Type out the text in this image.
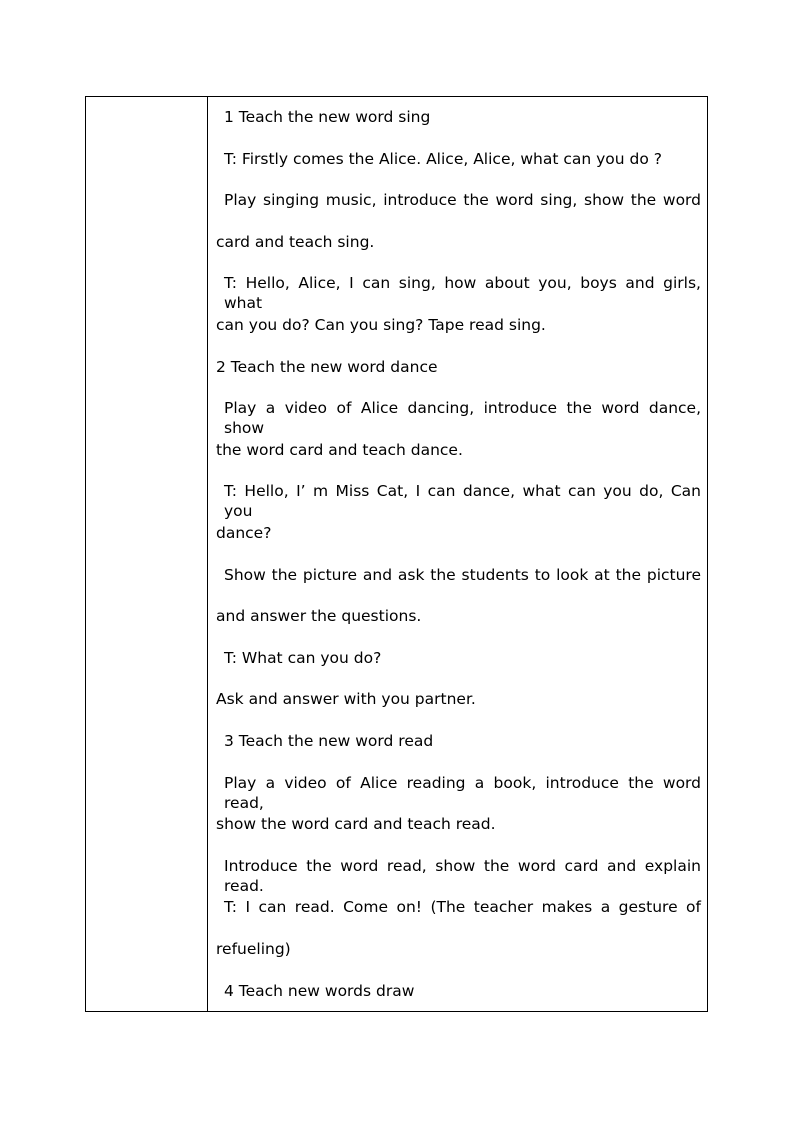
1 Teach the new word sing
T: Firstly comes the Alice. Alice, Alice, what can you do ?
Play singing music, introduce the word sing, show the word
card and teach sing.
T: Hello, Alice, I can sing, how about you, boys and girls, what
can you do? Can you sing? Tape read sing.
2 Teach the new word dance
Play a video of Alice dancing, introduce the word dance, show
the word card and teach dance.
T: Hello, I’ m Miss Cat, I can dance, what can you do, Can you
dance?
Show the picture and ask the students to look at the picture
and answer the questions.
T: What can you do?
Ask and answer with you partner.
3 Teach the new word read
Play a video of Alice reading a book, introduce the word read,
show the word card and teach read.
Introduce the word read, show the word card and explain read.
T: I can read. Come on! (The teacher makes a gesture of
refueling)
4 Teach new words draw
